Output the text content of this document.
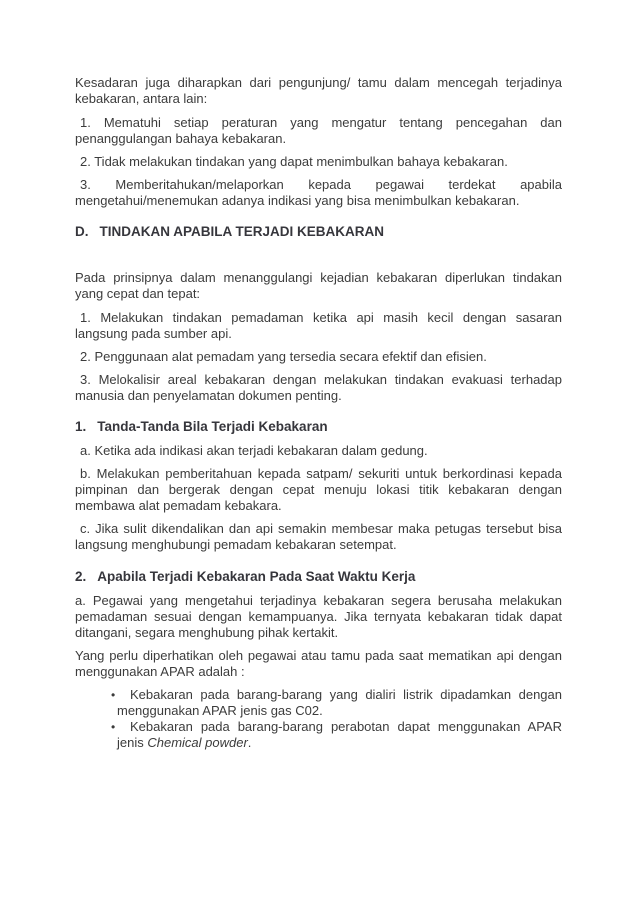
Kesadaran juga diharapkan dari pengunjung/ tamu dalam mencegah terjadinya kebakaran, antara lain:

1. Mematuhi setiap peraturan yang mengatur tentang pencegahan dan penanggulangan bahaya kebakaran.

2. Tidak melakukan tindakan yang dapat menimbulkan bahaya kebakaran.

3. Memberitahukan/melaporkan kepada pegawai terdekat apabila mengetahui/menemukan adanya indikasi yang bisa menimbulkan kebakaran.

D. TINDAKAN APABILA TERJADI KEBAKARAN

Pada prinsipnya dalam menanggulangi kejadian kebakaran diperlukan tindakan yang cepat dan tepat:

1. Melakukan tindakan pemadaman ketika api masih kecil dengan sasaran langsung pada sumber api.

2. Penggunaan alat pemadam yang tersedia secara efektif dan efisien.

3. Melokalisir areal kebakaran dengan melakukan tindakan evakuasi terhadap manusia dan penyelamatan dokumen penting.

1. Tanda-Tanda Bila Terjadi Kebakaran

a. Ketika ada indikasi akan terjadi kebakaran dalam gedung.

b. Melakukan pemberitahuan kepada satpam/ sekuriti untuk berkordinasi kepada pimpinan dan bergerak dengan cepat menuju lokasi titik kebakaran dengan membawa alat pemadam kebakara.

c. Jika sulit dikendalikan dan api semakin membesar maka petugas tersebut bisa langsung menghubungi pemadam kebakaran setempat.

2. Apabila Terjadi Kebakaran Pada Saat Waktu Kerja

a. Pegawai yang mengetahui terjadinya kebakaran segera berusaha melakukan pemadaman sesuai dengan kemampuanya. Jika ternyata kebakaran tidak dapat ditangani, segara menghubung pihak kertakit.

Yang perlu diperhatikan oleh pegawai atau tamu pada saat mematikan api dengan menggunakan APAR adalah :

• Kebakaran pada barang-barang yang dialiri listrik dipadamkan dengan menggunakan APAR jenis gas C02.
• Kebakaran pada barang-barang perabotan dapat menggunakan APAR jenis Chemical powder.
